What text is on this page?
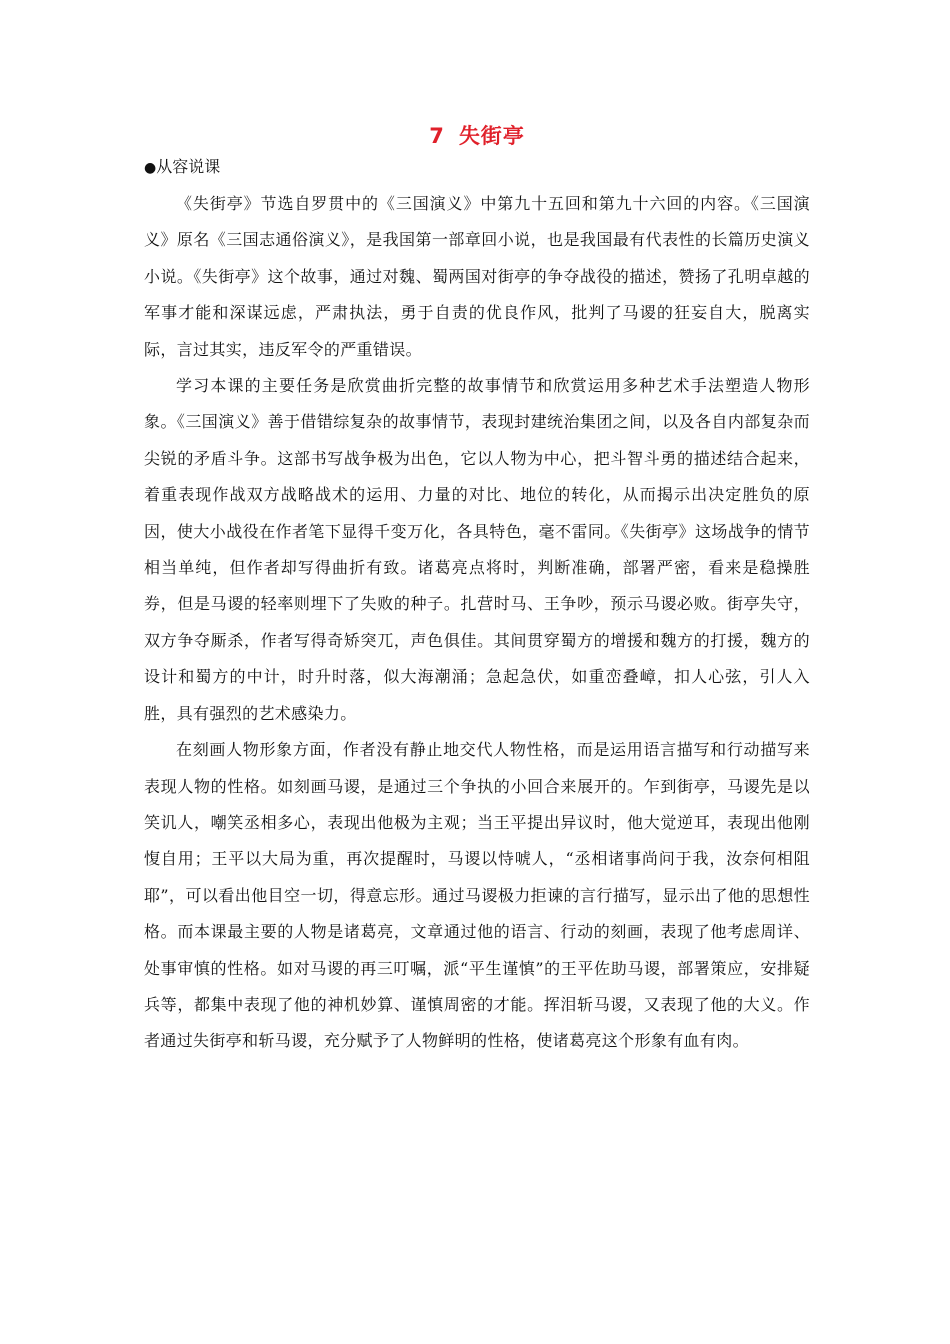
7 失街亭
●从容说课

《失街亭》节选自罗贯中的《三国演义》中第九十五回和第九十六回的内容。《三国演义》原名《三国志通俗演义》，是我国第一部章回小说，也是我国最有代表性的长篇历史演义小说。《失街亭》这个故事，通过对魏、蜀两国对街亭的争夺战役的描述，赞扬了孔明卓越的军事才能和深谋远虑，严肃执法，勇于自责的优良作风，批判了马谡的狂妄自大，脱离实际，言过其实，违反军令的严重错误。

学习本课的主要任务是欣赏曲折完整的故事情节和欣赏运用多种艺术手法塑造人物形象。《三国演义》善于借错综复杂的故事情节，表现封建统治集团之间，以及各自内部复杂而尖锐的矛盾斗争。这部书写战争极为出色，它以人物为中心，把斗智斗勇的描述结合起来，着重表现作战双方战略战术的运用、力量的对比、地位的转化，从而揭示出决定胜负的原因，使大小战役在作者笔下显得千变万化，各具特色，毫不雷同。《失街亭》这场战争的情节相当单纯，但作者却写得曲折有致。诸葛亮点将时，判断准确，部署严密，看来是稳操胜券，但是马谡的轻率则埋下了失败的种子。扎营时马、王争吵，预示马谡必败。街亭失守，双方争夺厮杀，作者写得奇矫突兀，声色俱佳。其间贯穿蜀方的增援和魏方的打援，魏方的设计和蜀方的中计，时升时落，似大海潮涌；急起急伏，如重峦叠嶂，扣人心弦，引人入胜，具有强烈的艺术感染力。

在刻画人物形象方面，作者没有静止地交代人物性格，而是运用语言描写和行动描写来表现人物的性格。如刻画马谡，是通过三个争执的小回合来展开的。乍到街亭，马谡先是以笑讥人，嘲笑丞相多心，表现出他极为主观；当王平提出异议时，他大觉逆耳，表现出他刚愎自用；王平以大局为重，再次提醒时，马谡以恃唬人，“丞相诸事尚问于我，汝奈何相阻耶”，可以看出他目空一切，得意忘形。通过马谡极力拒谏的言行描写，显示出了他的思想性格。而本课最主要的人物是诸葛亮，文章通过他的语言、行动的刻画，表现了他考虑周详、处事审慎的性格。如对马谡的再三叮嘱，派“平生谨慎”的王平佐助马谡，部署策应，安排疑兵等，都集中表现了他的神机妙算、谨慎周密的才能。挥泪斩马谡，又表现了他的大义。作者通过失街亭和斩马谡，充分赋予了人物鲜明的性格，使诸葛亮这个形象有血有肉。
